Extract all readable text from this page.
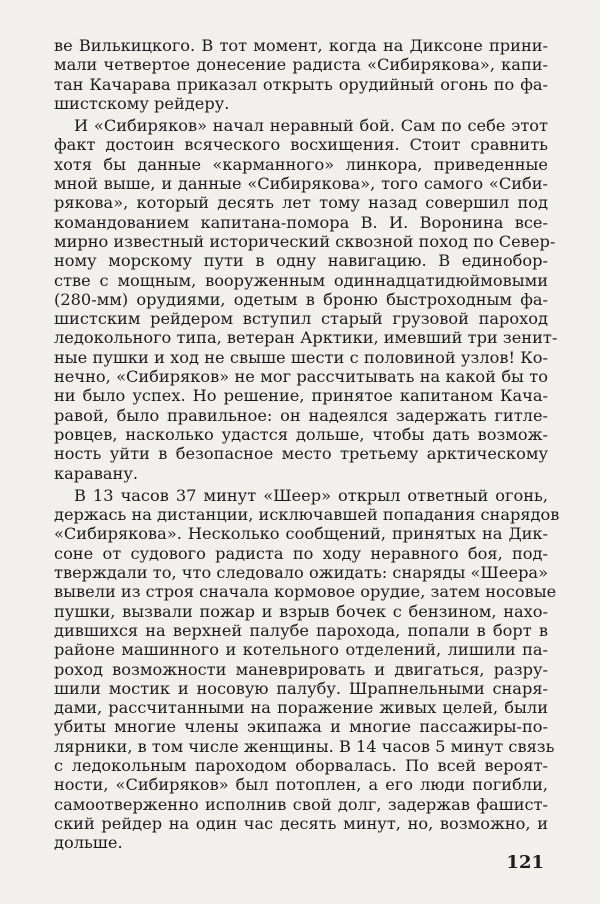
ве Вилькицкого. В тот момент, когда на Диксоне прини-
мали четвертое донесение радиста «Сибирякова», капи-
тан Качарава приказал открыть орудийный огонь по фа-
шистскому рейдеру.
И «Сибиряков» начал неравный бой. Сам по себе этот
факт достоин всяческого восхищения. Стоит сравнить
хотя бы данные «карманного» линкора, приведенные
мной выше, и данные «Сибирякова», того самого «Сиби-
рякова», который десять лет тому назад совершил под
командованием капитана-помора В. И. Воронина все-
мирно известный исторический сквозной поход по Север-
ному морскому пути в одну навигацию. В единобор-
стве с мощным, вооруженным одиннадцатидюймовыми
(280-мм) орудиями, одетым в броню быстроходным фа-
шистским рейдером вступил старый грузовой пароход
ледокольного типа, ветеран Арктики, имевший три зенит-
ные пушки и ход не свыше шести с половиной узлов! Ко-
нечно, «Сибиряков» не мог рассчитывать на какой бы то
ни было успех. Но решение, принятое капитаном Кача-
равой, было правильное: он надеялся задержать гитле-
ровцев, насколько удастся дольше, чтобы дать возмож-
ность уйти в безопасное место третьему арктическому
каравану.
В 13 часов 37 минут «Шеер» открыл ответный огонь,
держась на дистанции, исключавшей попадания снарядов
«Сибирякова». Несколько сообщений, принятых на Дик-
соне от судового радиста по ходу неравного боя, под-
тверждали то, что следовало ожидать: снаряды «Шеера»
вывели из строя сначала кормовое орудие, затем носовые
пушки, вызвали пожар и взрыв бочек с бензином, нахо-
дившихся на верхней палубе парохода, попали в борт в
районе машинного и котельного отделений, лишили па-
роход возможности маневрировать и двигаться, разру-
шили мостик и носовую палубу. Шрапнельными снаря-
дами, рассчитанными на поражение живых целей, были
убиты многие члены экипажа и многие пассажиры-по-
лярники, в том числе женщины. В 14 часов 5 минут связь
с ледокольным пароходом оборвалась. По всей вероят-
ности, «Сибиряков» был потоплен, а его люди погибли,
самоотверженно исполнив свой долг, задержав фашист-
ский рейдер на один час десять минут, но, возможно, и
дольше.
121
